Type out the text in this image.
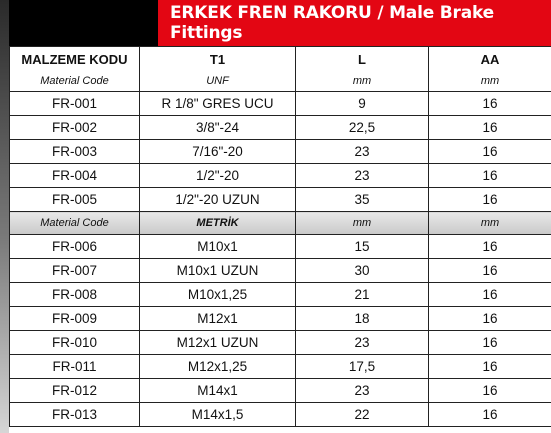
ERKEK FREN RAKORU / Male Brake Fittings
MALZEME KODU	T1	L	AA
Material Code	UNF	mm	mm
FR-001	R 1/8" GRES UCU	9	16
FR-002	3/8"-24	22,5	16
FR-003	7/16"-20	23	16
FR-004	1/2"-20	23	16
FR-005	1/2"-20 UZUN	35	16
Material Code	METRİK	mm	mm
FR-006	M10x1	15	16
FR-007	M10x1 UZUN	30	16
FR-008	M10x1,25	21	16
FR-009	M12x1	18	16
FR-010	M12x1 UZUN	23	16
FR-011	M12x1,25	17,5	16
FR-012	M14x1	23	16
FR-013	M14x1,5	22	16
